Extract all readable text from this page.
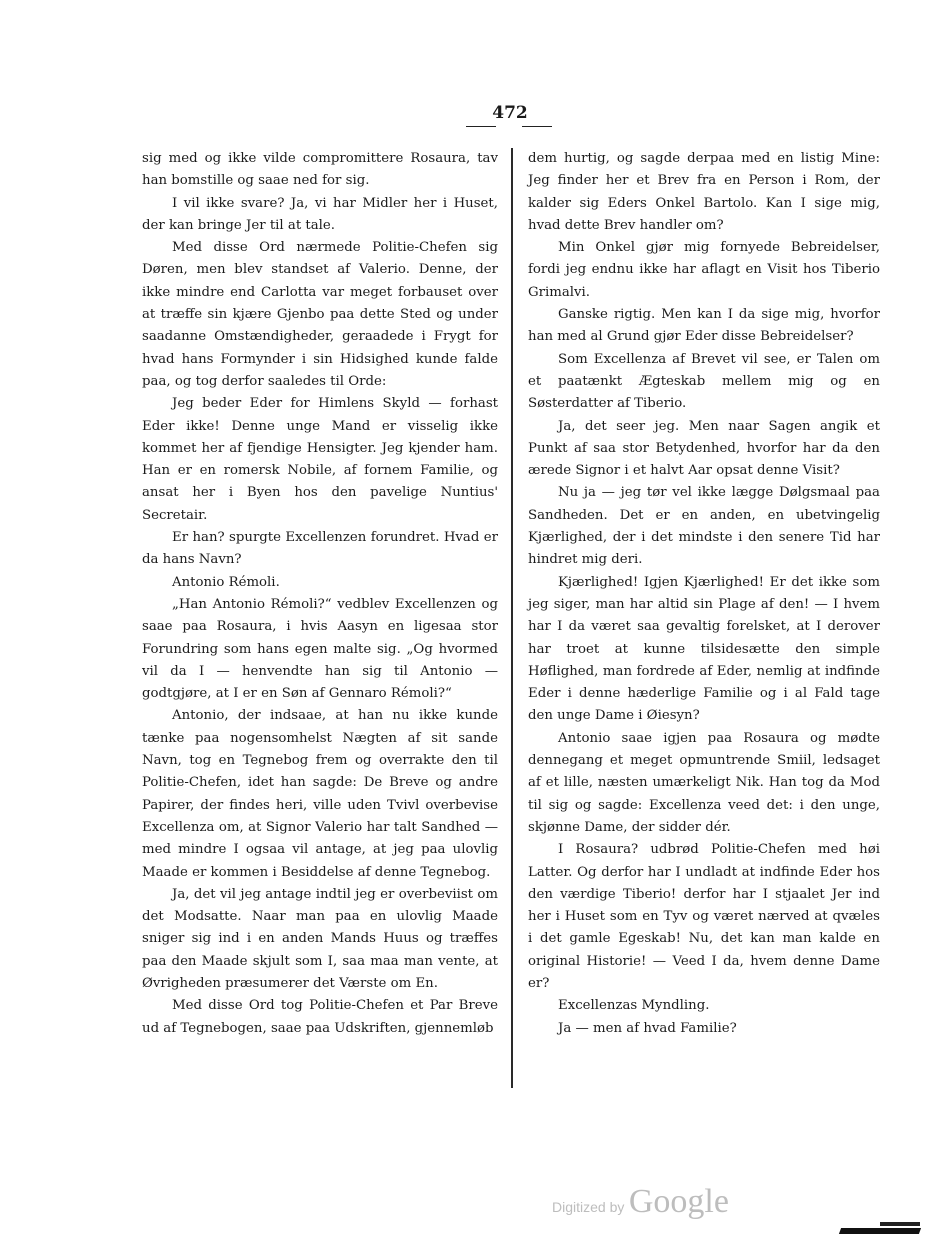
472

sig med og ikke vilde compromittere Rosaura, tav han bomstille og saae ned for sig.

I vil ikke svare? Ja, vi har Midler her i Huset, der kan bringe Jer til at tale.

Med disse Ord nærmede Politie-Chefen sig Døren, men blev standset af Valerio. Denne, der ikke mindre end Carlotta var meget forbauset over at træffe sin kjære Gjenbo paa dette Sted og under saadanne Omstændigheder, geraadede i Frygt for hvad hans Formynder i sin Hidsighed kunde falde paa, og tog derfor saaledes til Orde:

Jeg beder Eder for Himlens Skyld — forhast Eder ikke! Denne unge Mand er visselig ikke kommet her af fjendige Hensigter. Jeg kjender ham. Han er en romersk Nobile, af fornem Familie, og ansat her i Byen hos den pavelige Nuntius' Secretair.

Er han? spurgte Excellenzen forundret. Hvad er da hans Navn?

Antonio Rémoli.

„Han Antonio Rémoli?“ vedblev Excellenzen og saae paa Rosaura, i hvis Aasyn en ligesaa stor Forundring som hans egen malte sig. „Og hvormed vil da I — henvendte han sig til Antonio — godtgjøre, at I er en Søn af Gennaro Rémoli?“

Antonio, der indsaae, at han nu ikke kunde tænke paa nogensomhelst Nægten af sit sande Navn, tog en Tegnebog frem og overrakte den til Politie-Chefen, idet han sagde: De Breve og andre Papirer, der findes heri, ville uden Tvivl overbevise Excellenza om, at Signor Valerio har talt Sandhed — med mindre I ogsaa vil antage, at jeg paa ulovlig Maade er kommen i Besiddelse af denne Tegnebog.

Ja, det vil jeg antage indtil jeg er overbeviist om det Modsatte. Naar man paa en ulovlig Maade sniger sig ind i en anden Mands Huus og træffes paa den Maade skjult som I, saa maa man vente, at Øvrigheden præsumerer det Værste om En.

Med disse Ord tog Politie-Chefen et Par Breve ud af Tegnebogen, saae paa Udskriften, gjennemløb

dem hurtig, og sagde derpaa med en listig Mine: Jeg finder her et Brev fra en Person i Rom, der kalder sig Eders Onkel Bartolo. Kan I sige mig, hvad dette Brev handler om?

Min Onkel gjør mig fornyede Bebreidelser, fordi jeg endnu ikke har aflagt en Visit hos Tiberio Grimalvi.

Ganske rigtig. Men kan I da sige mig, hvorfor han med al Grund gjør Eder disse Bebreidelser?

Som Excellenza af Brevet vil see, er Talen om et paatænkt Ægteskab mellem mig og en Søsterdatter af Tiberio.

Ja, det seer jeg. Men naar Sagen angik et Punkt af saa stor Betydenhed, hvorfor har da den ærede Signor i et halvt Aar opsat denne Visit?

Nu ja — jeg tør vel ikke lægge Dølgsmaal paa Sandheden. Det er en anden, en ubetvingelig Kjærlighed, der i det mindste i den senere Tid har hindret mig deri.

Kjærlighed! Igjen Kjærlighed! Er det ikke som jeg siger, man har altid sin Plage af den! — I hvem har I da været saa gevaltig forelsket, at I derover har troet at kunne tilsidesætte den simple Høflighed, man fordrede af Eder, nemlig at indfinde Eder i denne hæderlige Familie og i al Fald tage den unge Dame i Øiesyn?

Antonio saae igjen paa Rosaura og mødte dennegang et meget opmuntrende Smiil, ledsaget af et lille, næsten umærkeligt Nik. Han tog da Mod til sig og sagde: Excellenza veed det: i den unge, skjønne Dame, der sidder dér.

I Rosaura? udbrød Politie-Chefen med høi Latter. Og derfor har I undladt at indfinde Eder hos den værdige Tiberio! derfor har I stjaalet Jer ind her i Huset som en Tyv og været nærved at qvæles i det gamle Egeskab! Nu, det kan man kalde en original Historie! — Veed I da, hvem denne Dame er?

Excellenzas Myndling.

Ja — men af hvad Familie?

Digitized by Google
